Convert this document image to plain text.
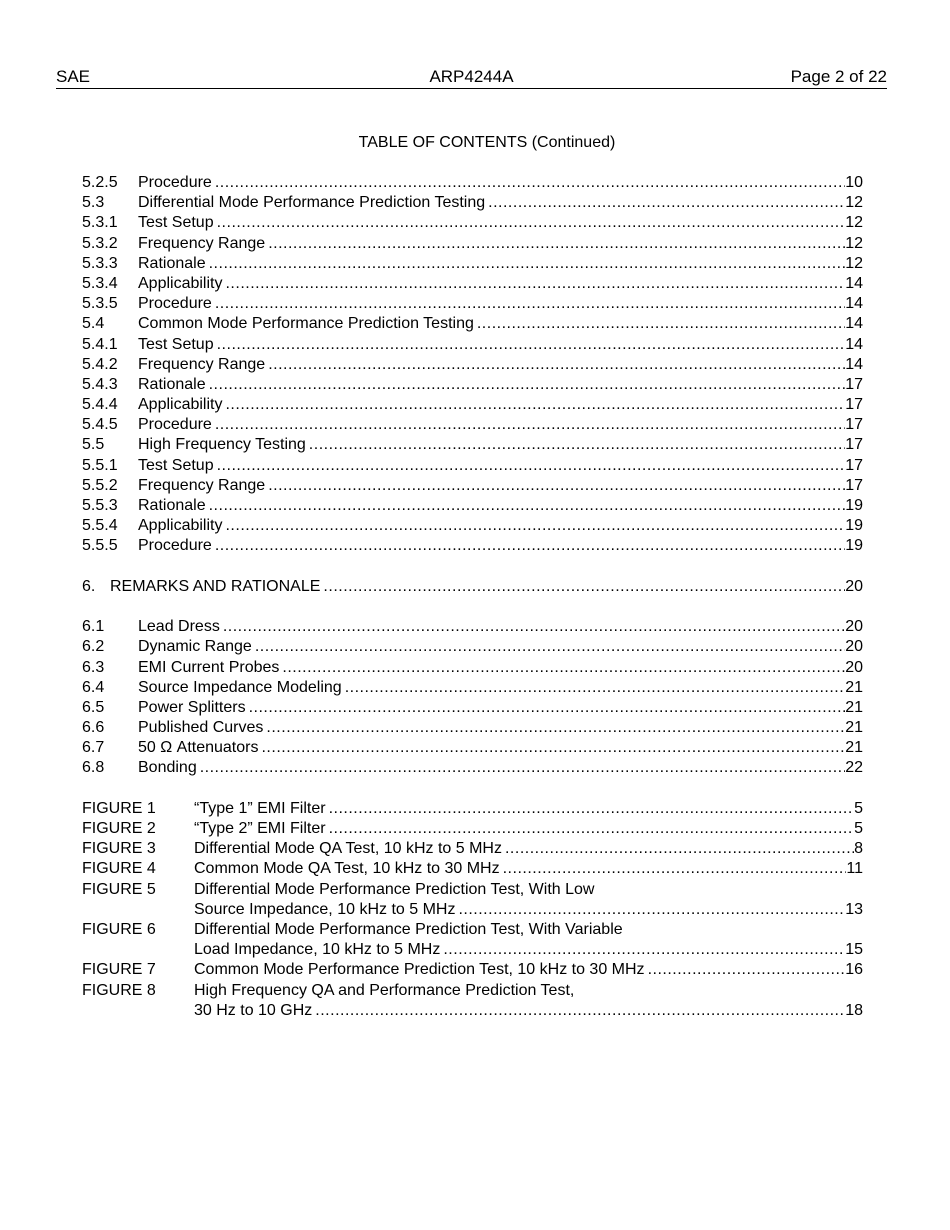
SAE	ARP4244A	Page 2 of 22
TABLE OF CONTENTS (Continued)
5.2.5	Procedure .....	10
5.3	Differential Mode Performance Prediction Testing .....	12
5.3.1	Test Setup .....	12
5.3.2	Frequency Range .....	12
5.3.3	Rationale .....	12
5.3.4	Applicability .....	14
5.3.5	Procedure .....	14
5.4	Common Mode Performance Prediction Testing .....	14
5.4.1	Test Setup .....	14
5.4.2	Frequency Range .....	14
5.4.3	Rationale .....	17
5.4.4	Applicability .....	17
5.4.5	Procedure .....	17
5.5	High Frequency Testing .....	17
5.5.1	Test Setup .....	17
5.5.2	Frequency Range .....	17
5.5.3	Rationale .....	19
5.5.4	Applicability .....	19
5.5.5	Procedure .....	19
6. REMARKS AND RATIONALE .....	20
6.1	Lead Dress .....	20
6.2	Dynamic Range .....	20
6.3	EMI Current Probes .....	20
6.4	Source Impedance Modeling .....	21
6.5	Power Splitters .....	21
6.6	Published Curves .....	21
6.7	50 Ω Attenuators .....	21
6.8	Bonding .....	22
FIGURE 1	“Type 1” EMI Filter .....	5
FIGURE 2	“Type 2” EMI Filter .....	5
FIGURE 3	Differential Mode QA Test, 10 kHz to 5 MHz .....	8
FIGURE 4	Common Mode QA Test, 10 kHz to 30 MHz .....	11
FIGURE 5	Differential Mode Performance Prediction Test, With Low
Source Impedance, 10 kHz to 5 MHz .....	13
FIGURE 6	Differential Mode Performance Prediction Test, With Variable
Load Impedance, 10 kHz to 5 MHz .....	15
FIGURE 7	Common Mode Performance Prediction Test, 10 kHz to 30 MHz .....	16
FIGURE 8	High Frequency QA and Performance Prediction Test,
30 Hz to 10 GHz .....	18
